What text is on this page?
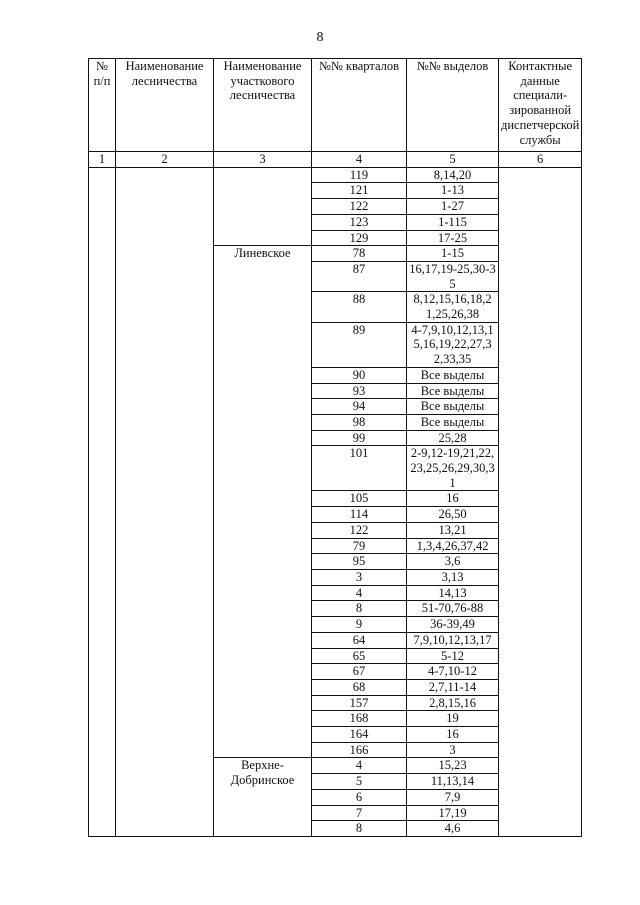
8
№ п/п	Наименование лесничества	Наименование участкового лесничества	№№ кварталов	№№ выделов	Контактные данные специали-зированной диспетчерской службы
1	2	3	4	5	6
			119	8,14,20	
			121	1-13	
			122	1-27	
			123	1-115	
			129	17-25	
		Линевское	78	1-15	
			87	16,17,19-25,30-35	
			88	8,12,15,16,18,21,25,26,38	
			89	4-7,9,10,12,13,15,16,19,22,27,32,33,35	
			90	Все выделы	
			93	Все выделы	
			94	Все выделы	
			98	Все выделы	
			99	25,28	
			101	2-9,12-19,21,22,23,25,26,29,30,31	
			105	16	
			114	26,50	
			122	13,21	
			79	1,3,4,26,37,42	
			95	3,6	
			3	3,13	
			4	14,13	
			8	51-70,76-88	
			9	36-39,49	
			64	7,9,10,12,13,17	
			65	5-12	
			67	4-7,10-12	
			68	2,7,11-14	
			157	2,8,15,16	
			168	19	
			164	16	
			166	3	
		Верхне-Добринское	4	15,23	
			5	11,13,14	
			6	7,9	
			7	17,19	
			8	4,6	
